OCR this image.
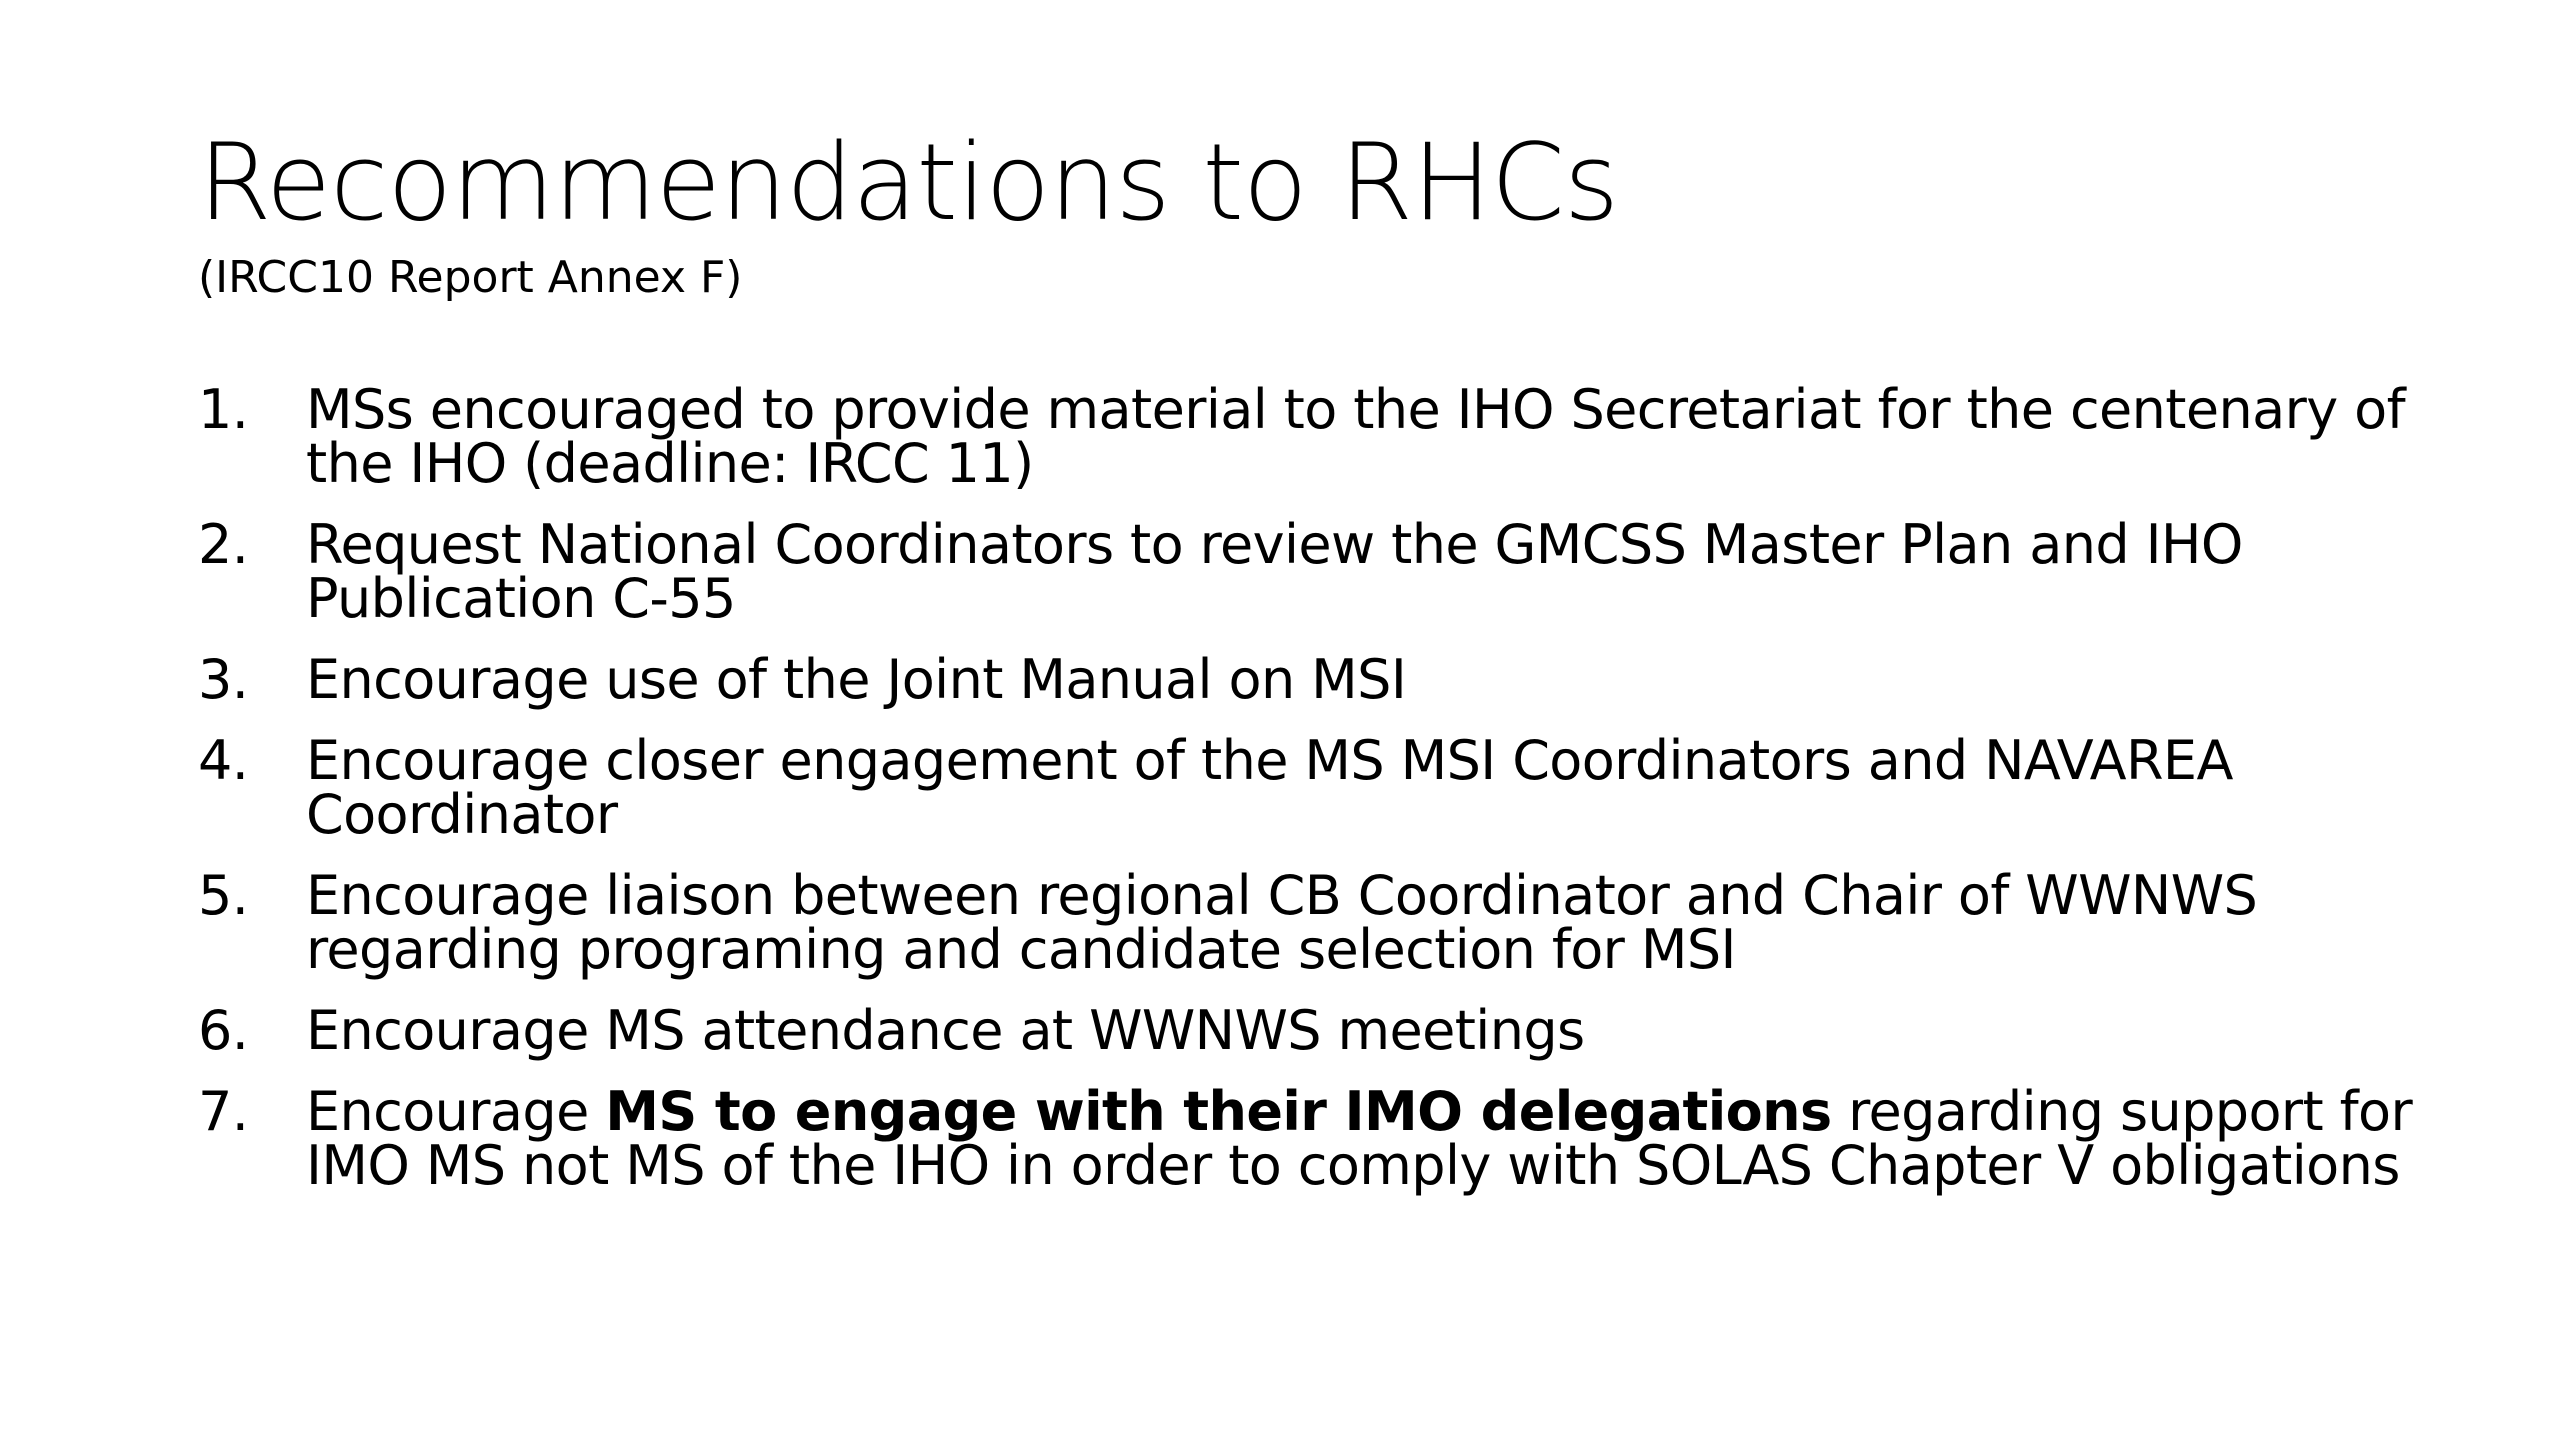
Recommendations to RHCs

(IRCC10 Report Annex F)

1. MSs encouraged to provide material to the IHO Secretariat for the centenary of the IHO (deadline: IRCC 11)
2. Request National Coordinators to review the GMCSS Master Plan and IHO Publication C-55
3. Encourage use of the Joint Manual on MSI
4. Encourage closer engagement of the MS MSI Coordinators and NAVAREA Coordinator
5. Encourage liaison between regional CB Coordinator and Chair of WWNWS regarding programing and candidate selection for MSI
6. Encourage MS attendance at WWNWS meetings
7. Encourage MS to engage with their IMO delegations regarding support for IMO MS not MS of the IHO in order to comply with SOLAS Chapter V obligations
